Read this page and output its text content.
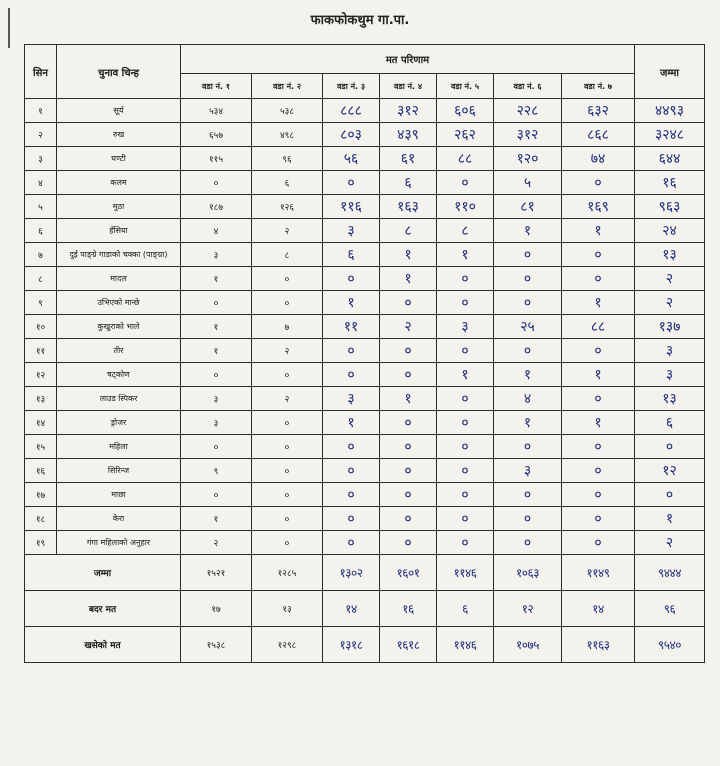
फाकफोकथुम गा.पा.
सिन	चुनाव चिन्ह	मत परिणाम							जम्मा
		वडा नं. १	वडा नं. २	वडा नं. ३	वडा नं. ४	वडा नं. ५	वडा नं. ६	वडा नं. ७	
१	सूर्य	५३४	५३८	८८८	३१२	६०६	२२८	६३२	४४९३
२	रुख	६५७	४९८	८०३	४३९	२६२	३१२	८६८	३२४८
३	घण्टी	११५	९६	५६	६१	८८	१२०	७४	६४४
४	कलम	०	६	०	६	०	५	०	१६
५	मुठा	१८७	१२६	११६	१६३	११०	८१	१६९	९६३
६	हँसिया	४	२	३	८	८	१	१	२४
७	दुई पाङ्ग्रे गाडाको चक्का (पाङ्ग्रा)	३	८	६	१	१	०	०	१३
८	मादल	१	०	०	१	०	०	०	२
९	उभिएको मान्छे	०	०	१	०	०	०	१	२
१०	कुखुराको भाले	१	७	११	२	३	२५	८८	१३७
११	तीर	१	२	०	०	०	०	०	३
१२	षट्कोण	०	०	०	०	१	१	१	३
१३	लाउड स्पिकर	३	२	३	१	०	४	०	१३
१४	ड्रोजर	३	०	१	०	०	१	१	६
१५	महिला	०	०	०	०	०	०	०	०
१६	सिरिन्ज	९	०	०	०	०	३	०	१२
१७	माछा	०	०	०	०	०	०	०	०
१८	केरा	१	०	०	०	०	०	०	१
१९	गंगा महिलाको अनुहार	२	०	०	०	०	०	०	२
जम्मा		१५२१	१२८५	१३०२	१६०१	११४६	१०६३	११४९	९४४४
बदर मत		१७	१३	१४	१६	६	१२	१४	९६
खसेको मत		१५३८	१२९८	१३१८	१६१८	११४६	१०७५	११६३	९५४०
